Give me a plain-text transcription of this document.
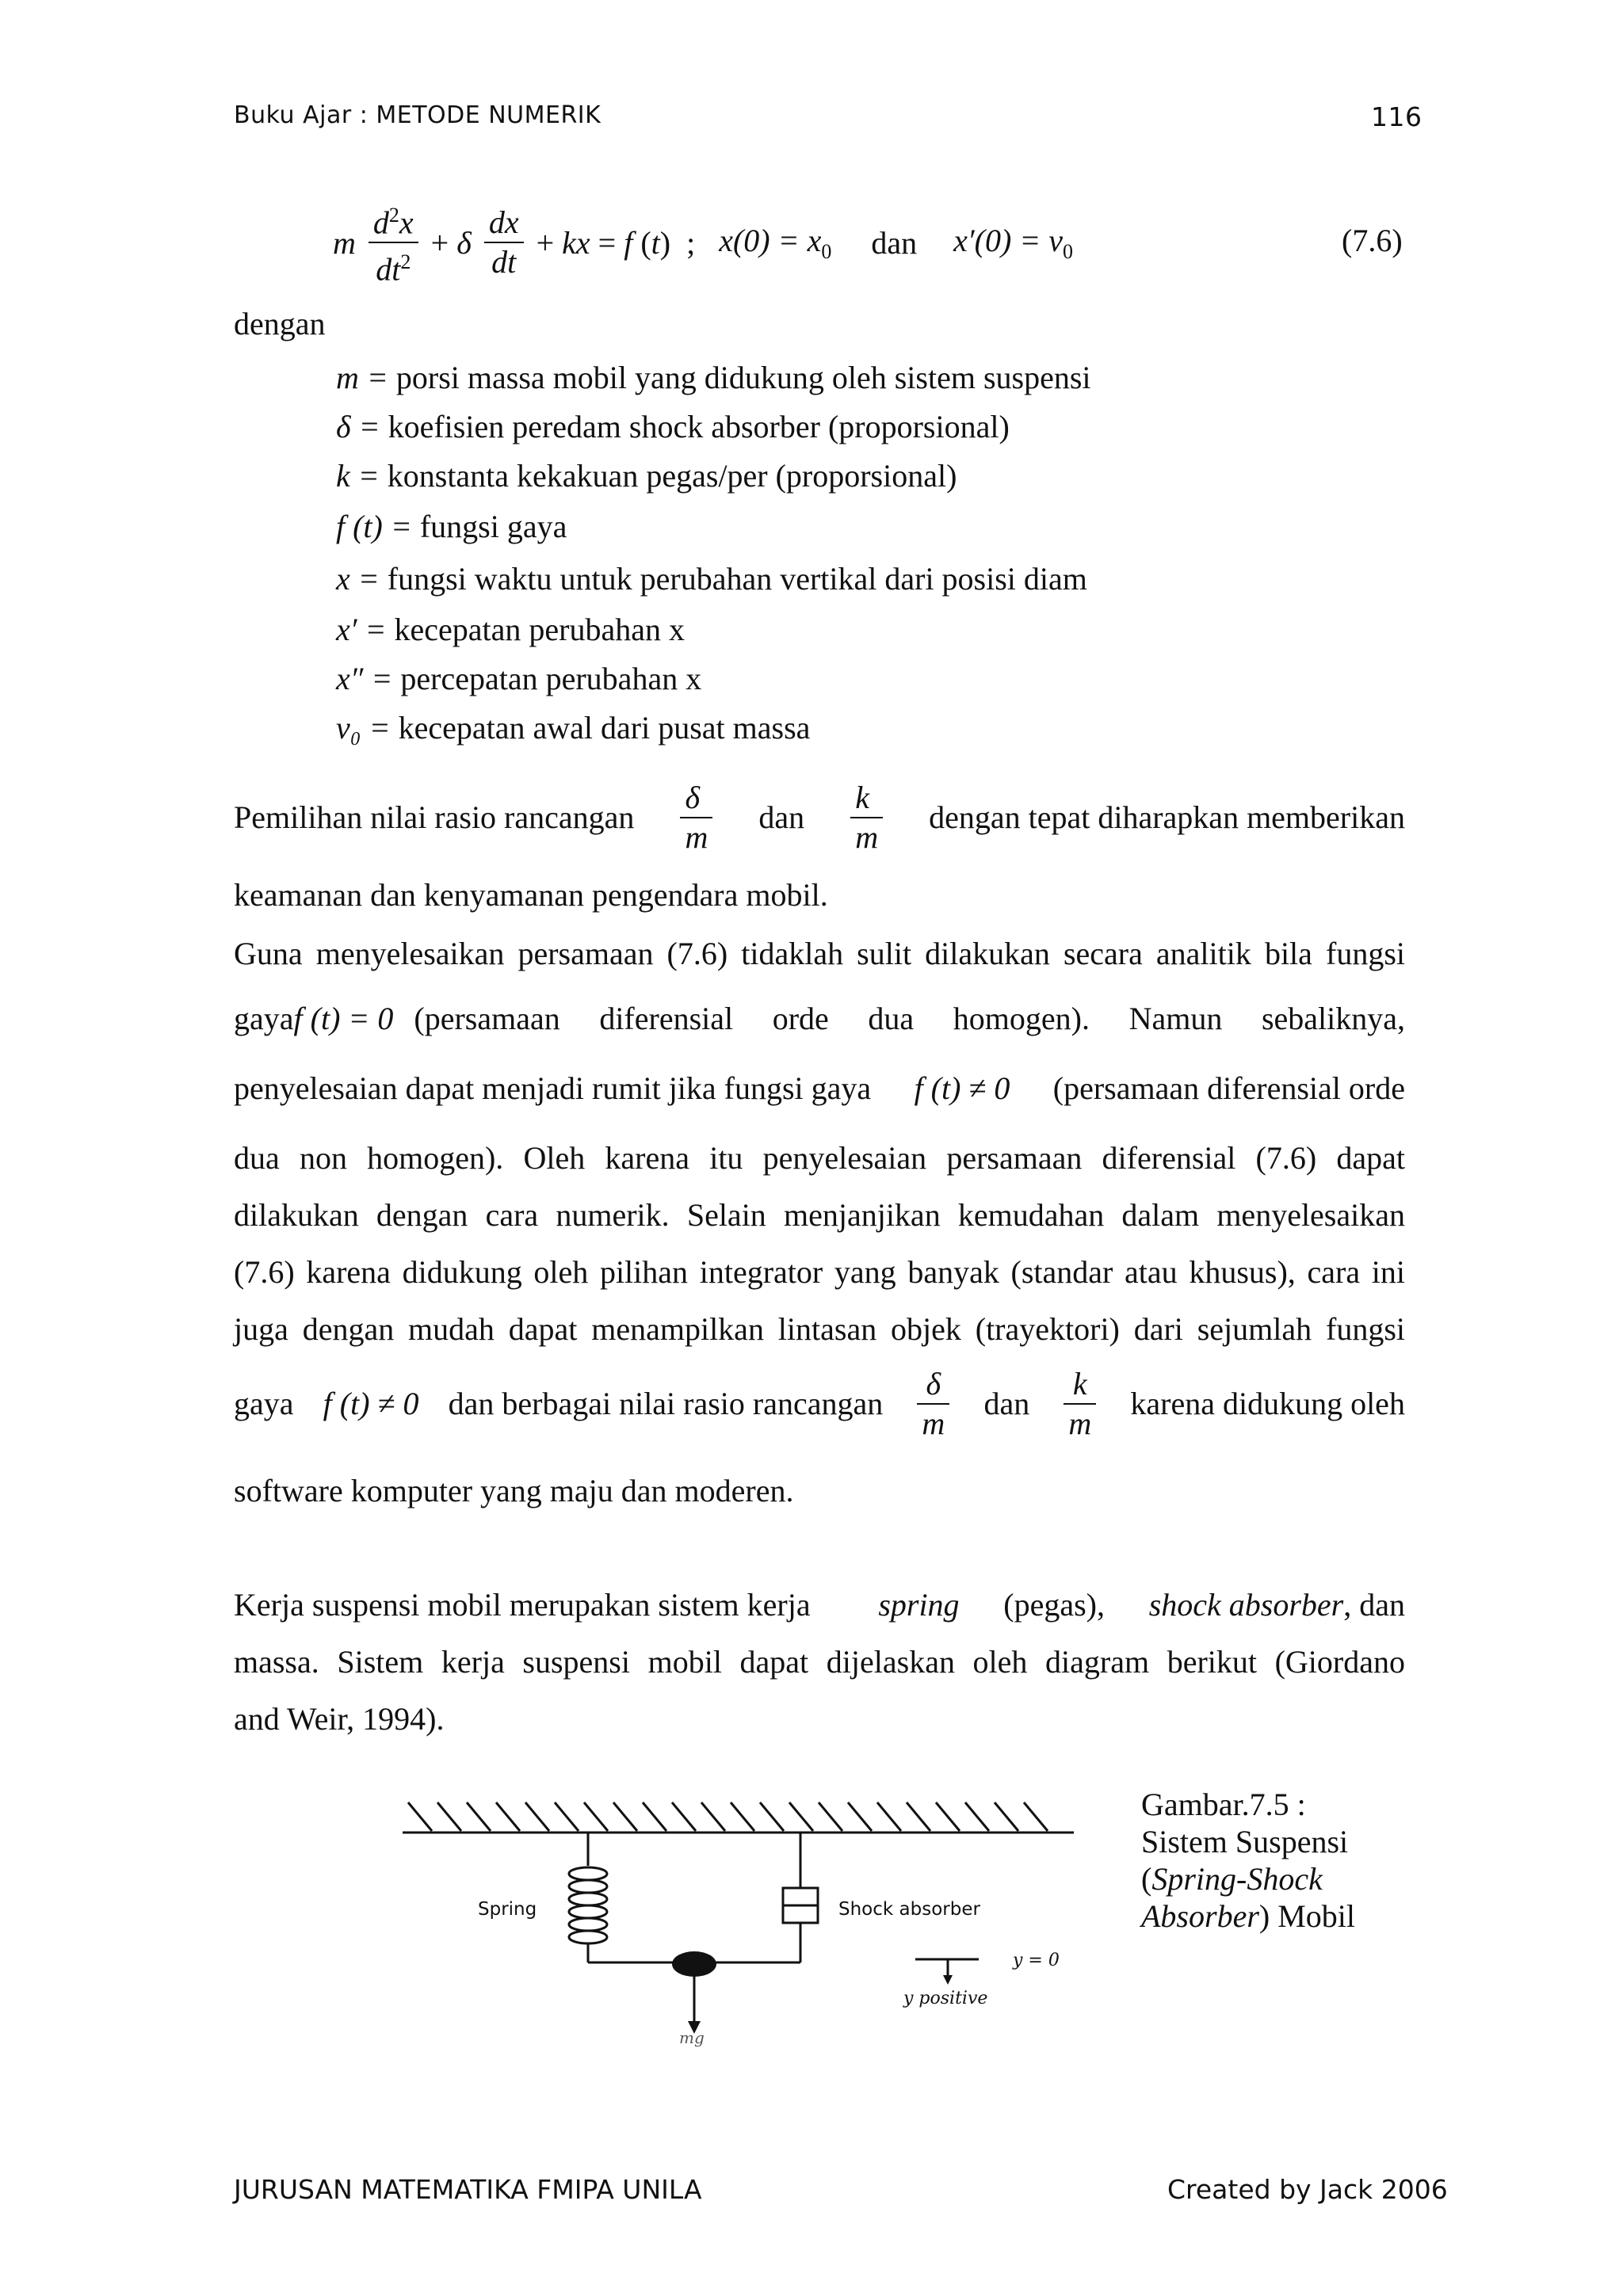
Buku Ajar : METODE NUMERIK	116
m $\frac{d^2x}{dt^2} + \delta \frac{dx}{dt}$ + kx = f (t)  ;   $x(0) = x_0$ dan $x'(0) = v_0$	(7.6)
dengan
m = porsi massa mobil yang didukung oleh sistem suspensi
δ = koefisien peredam shock absorber (proporsional)
k = konstanta kekakuan pegas/per (proporsional)
f (t) = fungsi gaya
x = fungsi waktu untuk perubahan vertikal dari posisi diam
x′ = kecepatan perubahan x
x″ = percepatan perubahan x
v₀ = kecepatan awal dari pusat massa
Pemilihan nilai rasio rancangan $\frac{\delta}{m}$ dan $\frac{k}{m}$ dengan tepat diharapkan memberikan
keamanan dan kenyamanan pengendara mobil.
Guna menyelesaikan persamaan (7.6) tidaklah sulit dilakukan secara analitik bila fungsi
gaya f (t) = 0 (persamaan diferensial orde dua homogen). Namun sebaliknya,
penyelesaian dapat menjadi rumit jika fungsi gaya f (t) ≠ 0 (persamaan diferensial orde
dua non homogen). Oleh karena itu penyelesaian persamaan diferensial (7.6) dapat
dilakukan dengan cara numerik. Selain menjanjikan kemudahan dalam menyelesaikan
(7.6) karena didukung oleh pilihan integrator yang banyak (standar atau khusus), cara ini
juga dengan mudah dapat menampilkan lintasan objek (trayektori) dari sejumlah fungsi
gaya f (t) ≠ 0 dan berbagai nilai rasio rancangan $\frac{\delta}{m}$ dan $\frac{k}{m}$ karena didukung oleh
software komputer yang maju dan moderen.
Kerja suspensi mobil merupakan sistem kerja spring (pegas), shock absorber, dan
massa. Sistem kerja suspensi mobil dapat dijelaskan oleh diagram berikut (Giordano
and Weir, 1994).
Spring	Shock absorber
y = 0
y positive
mg
Gambar.7.5 :
Sistem Suspensi
(Spring-Shock
Absorber) Mobil
JURUSAN MATEMATIKA FMIPA UNILA	Created by Jack 2006
